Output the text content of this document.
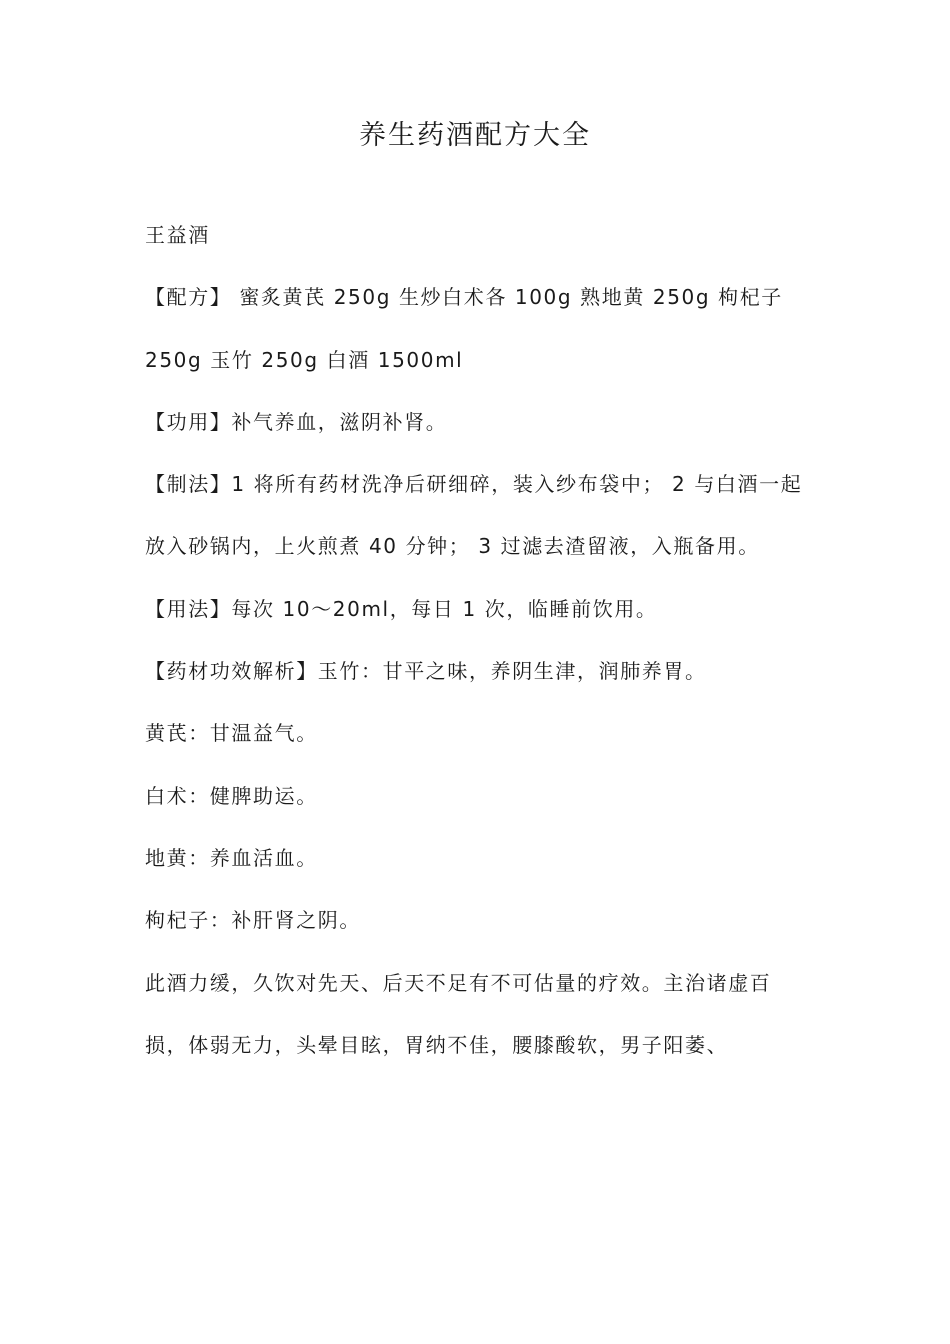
养生药酒配方大全

王益酒

【配方】 蜜炙黄芪 250g 生炒白术各 100g 熟地黄 250g 枸杞子 250g 玉竹 250g 白酒 1500ml

【功用】补气养血，滋阴补肾。

【制法】1 将所有药材洗净后研细碎，装入纱布袋中； 2 与白酒一起放入砂锅内，上火煎煮 40 分钟； 3 过滤去渣留液，入瓶备用。

【用法】每次 10～20ml，每日 1 次，临睡前饮用。

【药材功效解析】玉竹：甘平之味，养阴生津，润肺养胃。

黄芪：甘温益气。

白术：健脾助运。

地黄：养血活血。

枸杞子：补肝肾之阴。

此酒力缓，久饮对先天、后天不足有不可估量的疗效。主治诸虚百损，体弱无力，头晕目眩，胃纳不佳，腰膝酸软，男子阳萎、
